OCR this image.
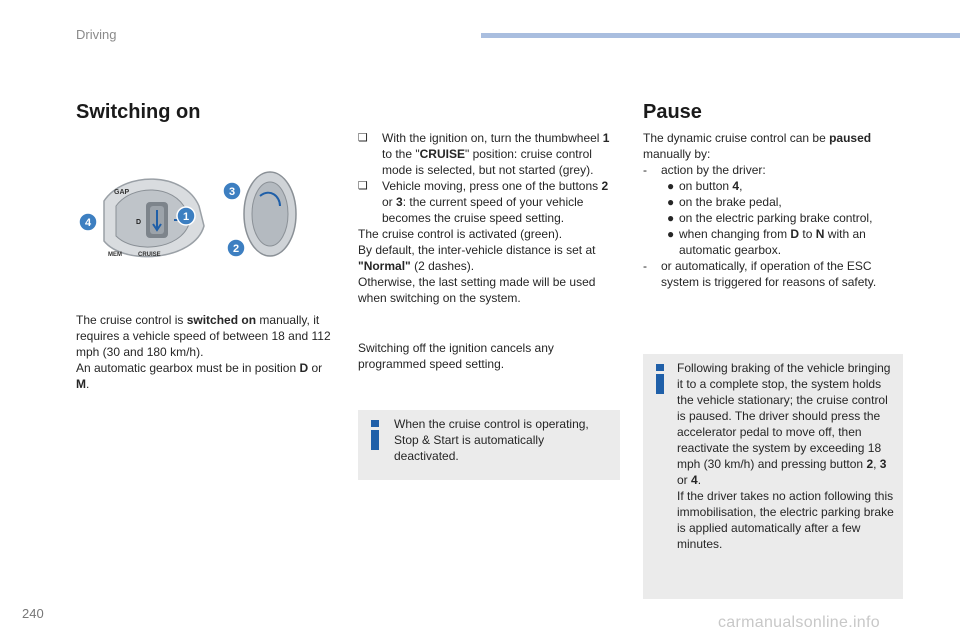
Driving
Switching on
GAP
CRUISE
MEM
D	1
2
3
4

The cruise control is switched on manually, it requires a vehicle speed of between 18 and 112 mph (30 and 180 km/h).

An automatic gearbox must be in position D or M.

❑ With the ignition on, turn the thumbwheel 1 to the "CRUISE" position: cruise control mode is selected, but not started (grey).

❑ Vehicle moving, press one of the buttons 2 or 3: the current speed of your vehicle becomes the cruise speed setting.

The cruise control is activated (green).

By default, the inter-vehicle distance is set at "Normal" (2 dashes).

Otherwise, the last setting made will be used when switching on the system.

Switching off the ignition cancels any programmed speed setting.
When the cruise control is operating, Stop & Start is automatically deactivated.
Pause

The dynamic cruise control can be paused manually by:

- action by the driver:

● on button 4,

● on the brake pedal,

● on the electric parking brake control,

● when changing from D to N with an automatic gearbox.

- or automatically, if operation of the ESC system is triggered for reasons of safety.

Following braking of the vehicle bringing it to a complete stop, the system holds the vehicle stationary; the cruise control is paused. The driver should press the accelerator pedal to move off, then reactivate the system by exceeding 18 mph (30 km/h) and pressing button 2, 3 or 4.

If the driver takes no action following this immobilisation, the electric parking brake is applied automatically after a few minutes.

240
carmanualsonline.info
